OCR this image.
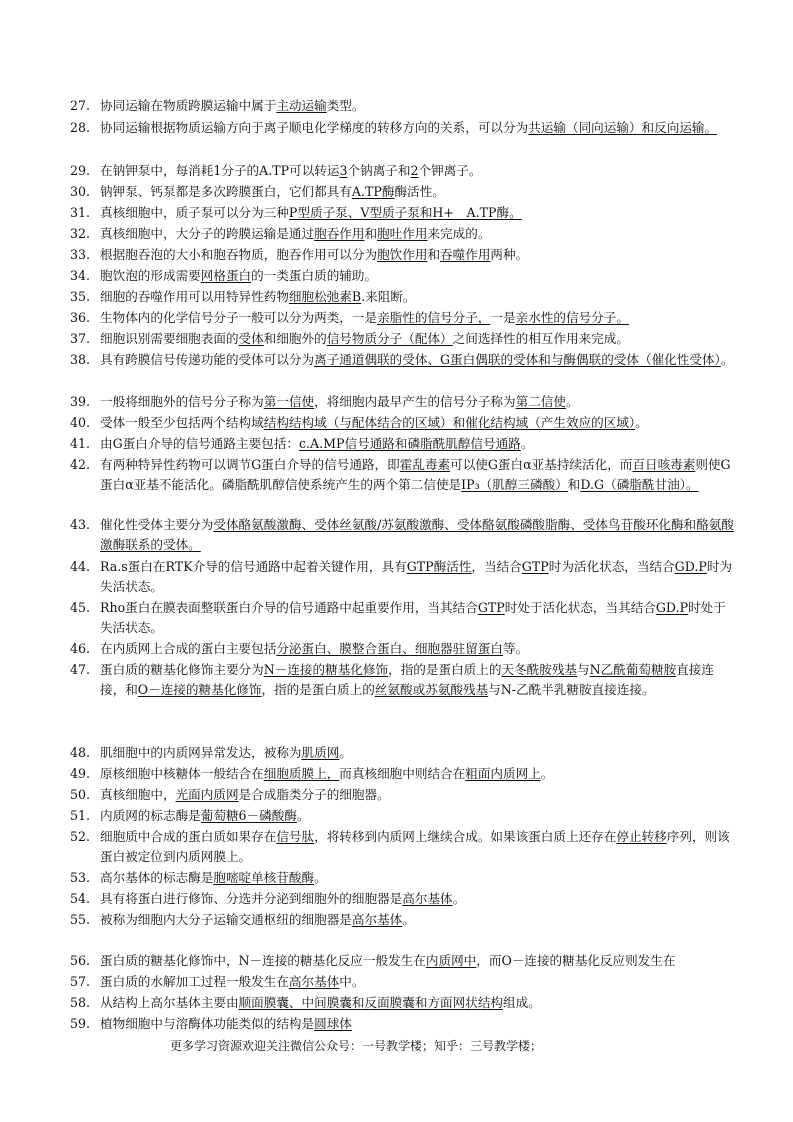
27. 协同运输在物质跨膜运输中属于主动运输类型。
28. 协同运输根据物质运输方向于离子顺电化学梯度的转移方向的关系，可以分为共运输（同向运输）和反向运输。
29. 在钠钾泵中，每消耗1分子的A.TP可以转运3个钠离子和2个钾离子。
30. 钠钾泵、钙泵都是多次跨膜蛋白，它们都具有A.TP酶酶活性。
31. 真核细胞中，质子泵可以分为三种P型质子泵、V型质子泵和H+　A.TP酶。
32. 真核细胞中，大分子的跨膜运输是通过胞吞作用和胞吐作用来完成的。
33. 根据胞吞泡的大小和胞吞物质，胞吞作用可以分为胞饮作用和吞噬作用两种。
34. 胞饮泡的形成需要网格蛋白的一类蛋白质的辅助。
35. 细胞的吞噬作用可以用特异性药物细胞松弛素B.来阻断。
36. 生物体内的化学信号分子一般可以分为两类，一是亲脂性的信号分子，一是亲水性的信号分子。
37. 细胞识别需要细胞表面的受体和细胞外的信号物质分子（配体）之间选择性的相互作用来完成。
38. 具有跨膜信号传递功能的受体可以分为离子通道偶联的受体、G蛋白偶联的受体和与酶偶联的受体（催化性受体）。
39. 一般将细胞外的信号分子称为第一信使，将细胞内最早产生的信号分子称为第二信使。
40. 受体一般至少包括两个结构域结构结构域（与配体结合的区域）和催化结构域（产生效应的区域）。
41. 由G蛋白介导的信号通路主要包括：c.A.MP信号通路和磷脂酰肌醇信号通路。
42. 有两种特异性药物可以调节G蛋白介导的信号通路，即霍乱毒素可以使G蛋白α亚基持续活化，而百日咳毒素则使G蛋白α亚基不能活化。磷脂酰肌醇信使系统产生的两个第二信使是IP₃（肌醇三磷酸）和D.G（磷脂酰甘油）。
43. 催化性受体主要分为受体酪氨酸激酶、受体丝氨酸/苏氨酸激酶、受体酪氨酸磷酸脂酶、受体鸟苷酸环化酶和酪氨酸激酶联系的受体。
44. Ra.s蛋白在RTK介导的信号通路中起着关键作用，具有GTP酶活性，当结合GTP时为活化状态，当结合GD.P时为失活状态。
45. Rho蛋白在膜表面整联蛋白介导的信号通路中起重要作用，当其结合GTP时处于活化状态，当其结合GD.P时处于失活状态。
46. 在内质网上合成的蛋白主要包括分泌蛋白、膜整合蛋白、细胞器驻留蛋白等。
47. 蛋白质的糖基化修饰主要分为N－连接的糖基化修饰，指的是蛋白质上的天冬酰胺残基与N乙酰葡萄糖胺直接连接，和O－连接的糖基化修饰，指的是蛋白质上的丝氨酸或苏氨酸残基与N-乙酰半乳糖胺直接连接。
48. 肌细胞中的内质网异常发达，被称为肌质网。
49. 原核细胞中核糖体一般结合在细胞质膜上，而真核细胞中则结合在粗面内质网上。
50. 真核细胞中，光面内质网是合成脂类分子的细胞器。
51. 内质网的标志酶是葡萄糖6－磷酸酶。
52. 细胞质中合成的蛋白质如果存在信号肽，将转移到内质网上继续合成。如果该蛋白质上还存在停止转移序列，则该蛋白被定位到内质网膜上。
53. 高尔基体的标志酶是胞嘧啶单核苷酸酶。
54. 具有将蛋白进行修饰、分选并分泌到细胞外的细胞器是高尔基体。
55. 被称为细胞内大分子运输交通枢纽的细胞器是高尔基体。
56. 蛋白质的糖基化修饰中，N－连接的糖基化反应一般发生在内质网中，而O－连接的糖基化反应则发生在
57. 蛋白质的水解加工过程一般发生在高尔基体中。
58. 从结构上高尔基体主要由顺面膜囊、中间膜囊和反面膜囊和方面网状结构组成。
59. 植物细胞中与溶酶体功能类似的结构是圆球体
更多学习资源欢迎关注微信公众号：一号教学楼；知乎：三号教学楼；
